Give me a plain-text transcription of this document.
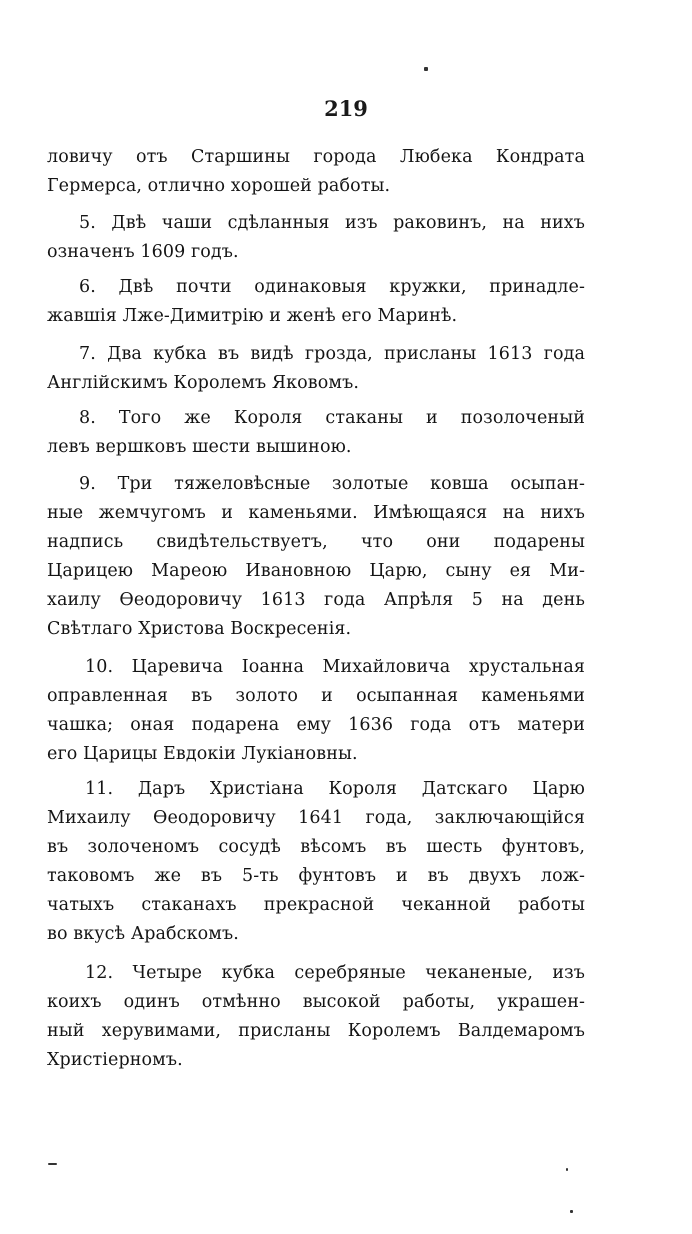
219
ловичу отъ Старшины города Любека Кондрата
Гермерса, отлично хорошей работы.
5. Двѣ чаши сдѣланныя изъ раковинъ, на нихъ
означенъ 1609 годъ.
6. Двѣ почти одинаковыя кружки, принадле-
жавшія Лже-Димитрію и женѣ его Маринѣ.
7. Два кубка въ видѣ грозда, присланы 1613 года
Англійскимъ Королемъ Яковомъ.
8. Того же Короля стаканы и позолоченый
левъ вершковъ шести вышиною.
9. Три тяжеловѣсные золотые ковша осыпан-
ные жемчугомъ и каменьями. Имѣющаяся на нихъ
надпись свидѣтельствуетъ, что они подарены
Царицею Мареою Ивановною Царю, сыну ея Ми-
хаилу Ѳеодоровичу 1613 года Апрѣля 5 на день
Свѣтлаго Христова Воскресенія.
10. Царевича Іоанна Михайловича хрустальная
оправленная въ золото и осыпанная каменьями
чашка; оная подарена ему 1636 года отъ матери
его Царицы Евдокіи Лукіановны.
11. Даръ Христіана Короля Датскаго Царю
Михаилу Ѳеодоровичу 1641 года, заключающійся
въ золоченомъ сосудѣ вѣсомъ въ шесть фунтовъ,
таковомъ же въ 5-ть фунтовъ и въ двухъ лож-
чатыхъ стаканахъ прекрасной чеканной работы
во вкусѣ Арабскомъ.
12. Четыре кубка серебряные чеканеные, изъ
коихъ одинъ отмѣнно высокой работы, украшен-
ный херувимами, присланы Королемъ Валдемаромъ
Христіерномъ.
